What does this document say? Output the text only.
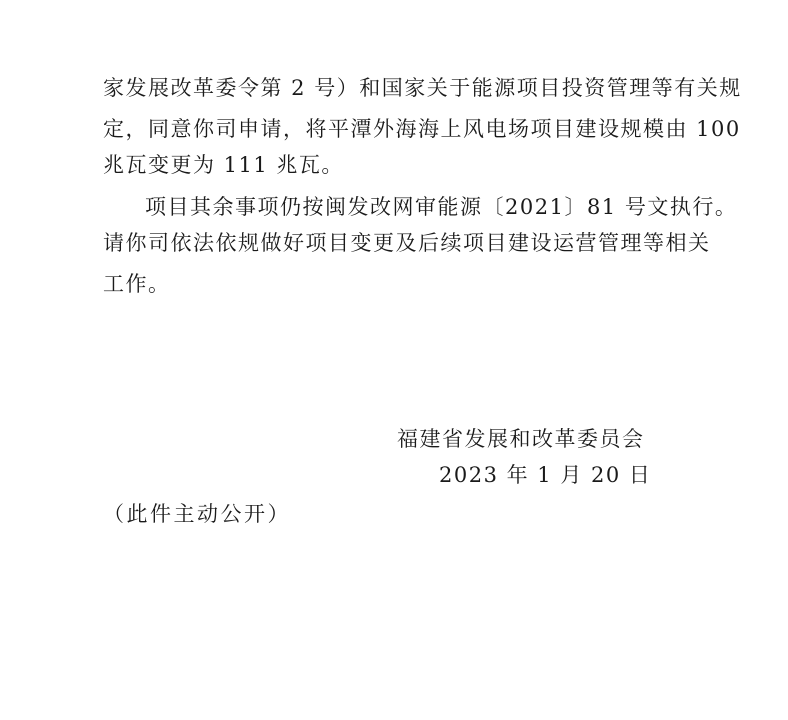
家发展改革委令第 2 号）和国家关于能源项目投资管理等有关规
定，同意你司申请，将平潭外海海上风电场项目建设规模由 100
兆瓦变更为 111 兆瓦。
项目其余事项仍按闽发改网审能源〔2021〕81 号文执行。
请你司依法依规做好项目变更及后续项目建设运营管理等相关
工作。
福建省发展和改革委员会
2023 年 1 月 20 日
（此件主动公开）
